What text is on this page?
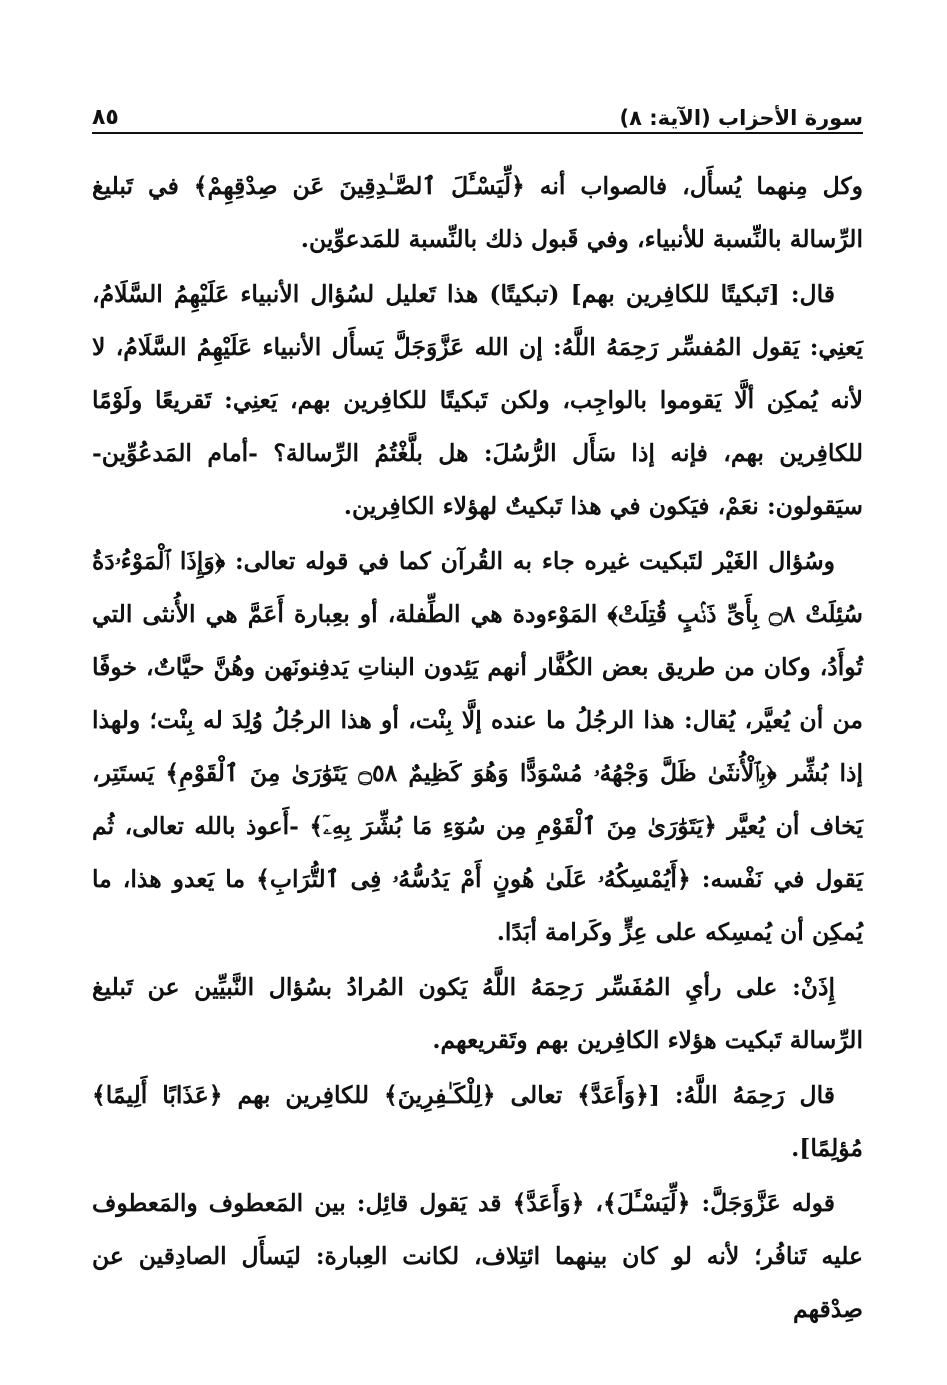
سورة الأحزاب (الآية: ٨)
٨٥

وكل مِنهما يُسأَل، فالصواب أنه ﴿لِّيَسْـَٔلَ ٱلصَّـٰدِقِينَ عَن صِدْقِهِمْ﴾ في تَبليغ الرِّسالة بالنِّسبة للأنبياء، وفي قَبول ذلك بالنِّسبة للمَدعوِّين.

قال: [تَبكيتًا للكافِرين بهم] (تبكيتًا) هذا تَعليل لسُؤال الأنبياء عَلَيْهِمُ السَّلَامُ، يَعنِي: يَقول المُفسِّر رَحِمَهُ اللَّهُ: إن الله عَزَّوَجَلَّ يَسأَل الأنبياء عَلَيْهِمُ السَّلَامُ، لا لأنه يُمكِن ألَّا يَقوموا بالواجِب، ولكن تَبكيتًا للكافِرين بهم، يَعنِي: تَقريعًا ولَوْمًا للكافِرين بهم، فإنه إذا سَأَل الرُّسُلَ: هل بلَّغْتُمُ الرِّسالة؟ -أمام المَدعُوِّين- سيَقولون: نعَمْ، فيَكون في هذا تَبكيتٌ لهؤلاء الكافِرين.

وسُؤال الغَيْر لتَبكيت غيره جاء به القُرآن كما في قوله تعالى: ﴿وَإِذَا ٱلْمَوْءُۥدَةُ سُئِلَتْ ۝٨ بِأَىِّ ذَنۢبٍ قُتِلَتْ﴾ المَوْءودة هي الطِّفلة، أو بعِبارة أَعَمَّ هي الأُنثى التي تُوأَدُ، وكان من طريق بعض الكُفَّار أنهم يَئِدون البناتِ يَدفِنونَهن وهُنَّ حيَّاتٌ، خوفًا من أن يُعيَّر، يُقال: هذا الرجُلُ ما عنده إلَّا بِنْت، أو هذا الرجُلُ وُلِدَ له بِنْت؛ ولهذا إذا بُشِّر ﴿بِٱلْأُنثَىٰ ظَلَّ وَجْهُهُۥ مُسْوَدًّا وَهُوَ كَظِيمٌ ۝٥٨ يَتَوَٰرَىٰ مِنَ ٱلْقَوْمِ﴾ يَستَتِر، يَخاف أن يُعيَّر ﴿يَتَوَٰرَىٰ مِنَ ٱلْقَوْمِ مِن سُوٓءِ مَا بُشِّرَ بِهِۦٓ﴾ -أَعوذ بالله تعالى، ثُم يَقول في نَفْسه: ﴿أَيُمْسِكُهُۥ عَلَىٰ هُونٍ أَمْ يَدُسُّهُۥ فِى ٱلتُّرَابِ﴾ ما يَعدو هذا، ما يُمكِن أن يُمسِكه على عِزٍّ وكَرامة أبَدًا.

إِذَنْ: على رأيِ المُفَسِّر رَحِمَهُ اللَّهُ يَكون المُرادُ بسُؤال النَّبيِّين عن تَبليغ الرِّسالة تَبكيت هؤلاء الكافِرين بهم وتَقريعهم.

قال رَحِمَهُ اللَّهُ: [﴿وَأَعَدَّ﴾ تعالى ﴿لِلْكَـٰفِرِينَ﴾ للكافِرين بهم ﴿عَذَابًا أَلِيمًا﴾ مُؤلِمًا].

قوله عَزَّوَجَلَّ: ﴿لِّيَسْـَٔلَ﴾، ﴿وَأَعَدَّ﴾ قد يَقول قائِل: بين المَعطوف والمَعطوف عليه تَنافُر؛ لأنه لو كان بينهما ائتِلاف، لكانت العِبارة: ليَسأَل الصادِقين عن صِدْقهم
